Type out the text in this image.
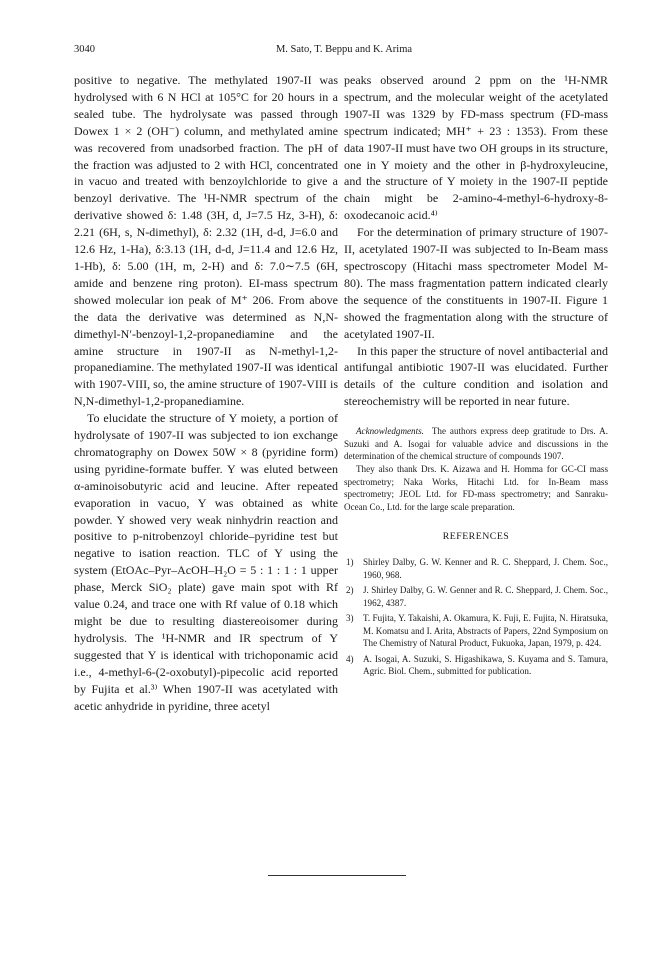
3040	M. Sato, T. Beppu and K. Arima

positive to negative. The methylated 1907-II was hydrolysed with 6 N HCl at 105°C for 20 hours in a sealed tube. The hydrolysate was passed through Dowex 1 × 2 (OH⁻) column, and methylated amine was recovered from unadsorbed fraction. The pH of the fraction was adjusted to 2 with HCl, concentrated in vacuo and treated with benzoylchloride to give a benzoyl derivative. The ¹H-NMR spectrum of the derivative showed δ: 1.48 (3H, d, J=7.5 Hz, 3-H), δ: 2.21 (6H, s, N-dimethyl), δ: 2.32 (1H, d-d, J=6.0 and 12.6 Hz, 1-Ha), δ:3.13 (1H, d-d, J=11.4 and 12.6 Hz, 1-Hb), δ: 5.00 (1H, m, 2-H) and δ: 7.0∼7.5 (6H, amide and benzene ring proton). EI-mass spectrum showed molecular ion peak of M⁺ 206. From above the data the derivative was determined as N,N-dimethyl-N′-benzoyl-1,2-propanediamine and the amine structure in 1907-II as N-methyl-1,2-propanediamine. The methylated 1907-II was identical with 1907-VIII, so, the amine structure of 1907-VIII is N,N-dimethyl-1,2-propanediamine.

To elucidate the structure of Y moiety, a portion of hydrolysate of 1907-II was subjected to ion exchange chromatography on Dowex 50W × 8 (pyridine form) using pyridine-formate buffer. Y was eluted between α-aminoisobutyric acid and leucine. After repeated evaporation in vacuo, Y was obtained as white powder. Y showed very weak ninhydrin reaction and positive to p-nitrobenzoyl chloride–pyridine test but negative to isation reaction. TLC of Y using the system (EtOAc–Pyr–AcOH–H₂O = 5 : 1 : 1 : 1 upper phase, Merck SiO₂ plate) gave main spot with Rf value 0.24, and trace one with Rf value of 0.18 which might be due to resulting diastereoisomer during hydrolysis. The ¹H-NMR and IR spectrum of Y suggested that Y is identical with trichoponamic acid i.e., 4-methyl-6-(2-oxobutyl)-pipecolic acid reported by Fujita et al.³⁾ When 1907-II was acetylated with acetic anhydride in pyridine, three acetyl

peaks observed around 2 ppm on the ¹H-NMR spectrum, and the molecular weight of the acetylated 1907-II was 1329 by FD-mass spectrum (FD-mass spectrum indicated; MH⁺ + 23 : 1353). From these data 1907-II must have two OH groups in its structure, one in Y moiety and the other in β-hydroxyleucine, and the structure of Y moiety in the 1907-II peptide chain might be 2-amino-4-methyl-6-hydroxy-8-oxodecanoic acid.⁴⁾

For the determination of primary structure of 1907-II, acetylated 1907-II was subjected to In-Beam mass spectroscopy (Hitachi mass spectrometer Model M-80). The mass fragmentation pattern indicated clearly the sequence of the constituents in 1907-II. Figure 1 showed the fragmentation along with the structure of acetylated 1907-II.

In this paper the structure of novel antibacterial and antifungal antibiotic 1907-II was elucidated. Further details of the culture condition and isolation and stereochemistry will be reported in near future.

Acknowledgments. The authors express deep gratitude to Drs. A. Suzuki and A. Isogai for valuable advice and discussions in the determination of the chemical structure of compounds 1907.

They also thank Drs. K. Aizawa and H. Homma for GC-CI mass spectrometry; Naka Works, Hitachi Ltd. for In-Beam mass spectrometry; JEOL Ltd. for FD-mass spectrometry; and Sanraku-Ocean Co., Ltd. for the large scale preparation.

REFERENCES
1) Shirley Dalby, G. W. Kenner and R. C. Sheppard, J. Chem. Soc., 1960, 968.
2) J. Shirley Dalby, G. W. Genner and R. C. Sheppard, J. Chem. Soc., 1962, 4387.
3) T. Fujita, Y. Takaishi, A. Okamura, K. Fuji, E. Fujita, N. Hiratsuka, M. Komatsu and I. Arita, Abstracts of Papers, 22nd Symposium on The Chemistry of Natural Product, Fukuoka, Japan, 1979, p. 424.
4) A. Isogai, A. Suzuki, S. Higashikawa, S. Kuyama and S. Tamura, Agric. Biol. Chem., submitted for publication.
